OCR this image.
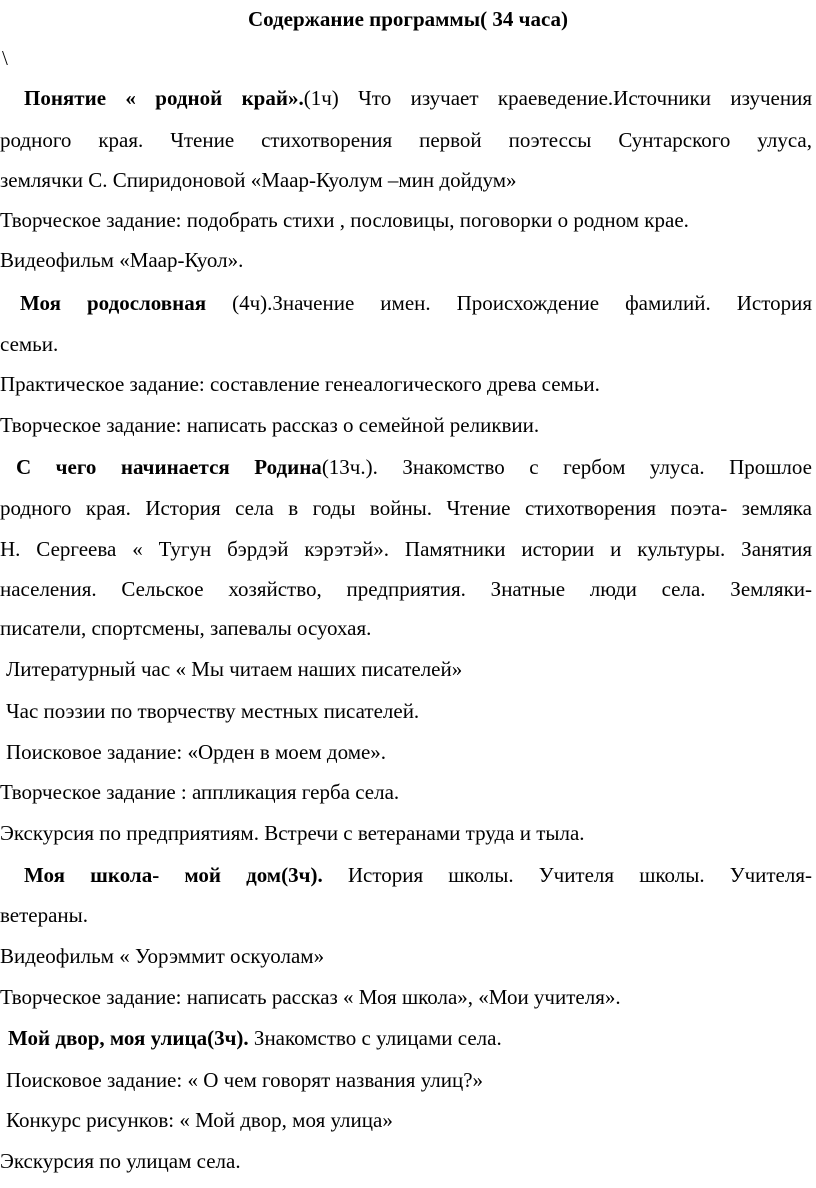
Содержание программы( 34 часа)
\
Понятие « родной край».(1ч) Что изучает краеведение.Источники изучения
родного края. Чтение стихотворения первой поэтессы Сунтарского улуса,
землячки С. Спиридоновой «Маар-Куолум –мин дойдум»
Творческое задание: подобрать стихи , пословицы, поговорки о родном крае.
Видеофильм «Маар-Куол».
Моя родословная (4ч).Значение имен. Происхождение фамилий. История
семьи.
Практическое задание: составление генеалогического древа семьи.
Творческое задание: написать рассказ о семейной реликвии.
С чего начинается Родина(13ч.). Знакомство с гербом улуса. Прошлое
родного края. История села в годы войны. Чтение стихотворения поэта- земляка
Н. Сергеева « Тугун бэрдэй кэрэтэй». Памятники истории и культуры. Занятия
населения. Сельское хозяйство, предприятия. Знатные люди села. Земляки-
писатели, спортсмены, запевалы осуохая.
Литературный час « Мы читаем наших писателей»
Час поэзии по творчеству местных писателей.
Поисковое задание: «Орден в моем доме».
Творческое задание : аппликация герба села.
Экскурсия по предприятиям. Встречи с ветеранами труда и тыла.
Моя школа- мой дом(3ч). История школы. Учителя школы. Учителя-
ветераны.
Видеофильм « Уорэммит оскуолам»
Творческое задание: написать рассказ « Моя школа», «Мои учителя».
Мой двор, моя улица(3ч). Знакомство с улицами села.
Поисковое задание: « О чем говорят названия улиц?»
Конкурс рисунков: « Мой двор, моя улица»
Экскурсия по улицам села.
